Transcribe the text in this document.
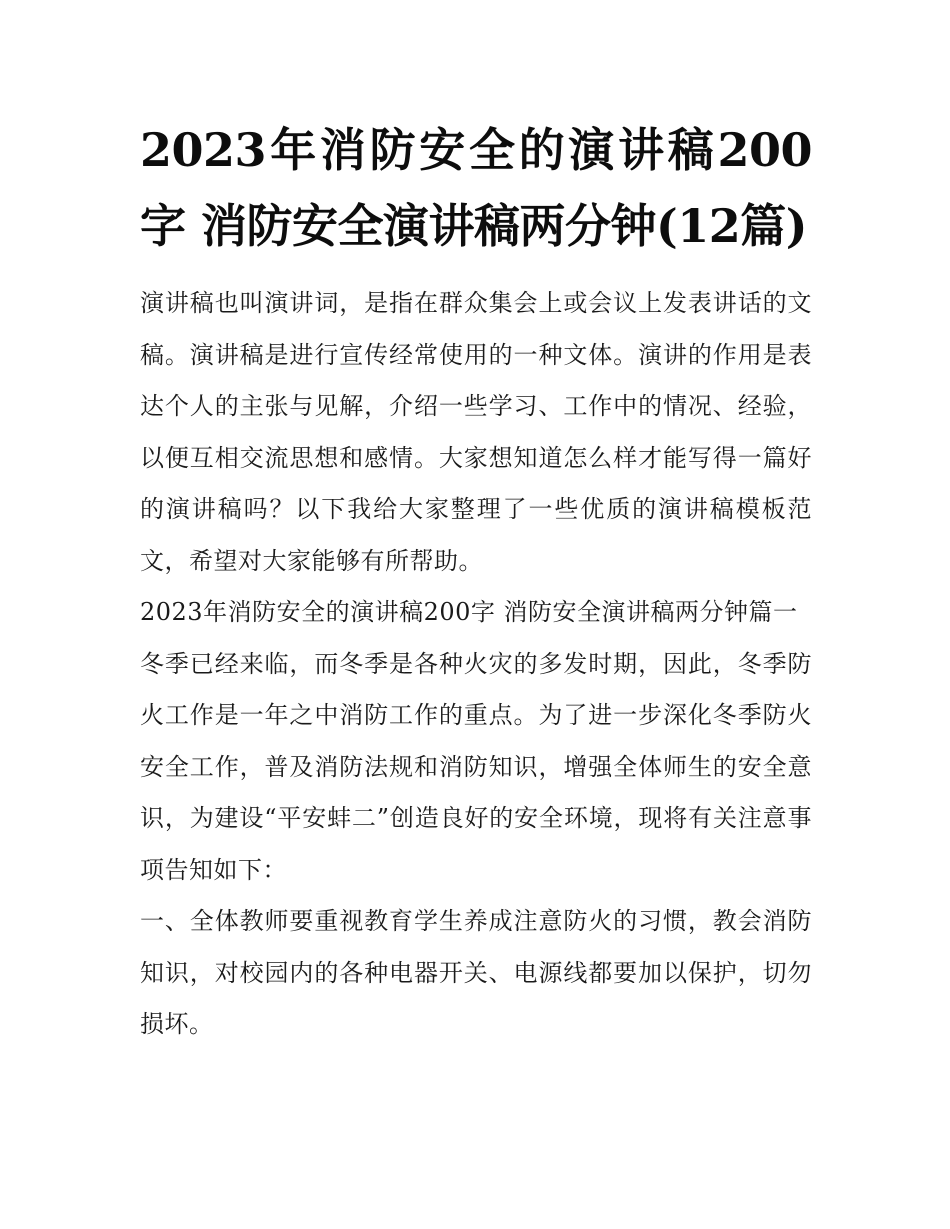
2023年消防安全的演讲稿200字 消防安全演讲稿两分钟(12篇)

演讲稿也叫演讲词，是指在群众集会上或会议上发表讲话的文稿。演讲稿是进行宣传经常使用的一种文体。演讲的作用是表达个人的主张与见解，介绍一些学习、工作中的情况、经验，以便互相交流思想和感情。大家想知道怎么样才能写得一篇好的演讲稿吗？以下我给大家整理了一些优质的演讲稿模板范文，希望对大家能够有所帮助。

2023年消防安全的演讲稿200字 消防安全演讲稿两分钟篇一

冬季已经来临，而冬季是各种火灾的多发时期，因此，冬季防火工作是一年之中消防工作的重点。为了进一步深化冬季防火安全工作，普及消防法规和消防知识，增强全体师生的安全意识，为建设“平安蚌二”创造良好的安全环境，现将有关注意事项告知如下：

一、全体教师要重视教育学生养成注意防火的习惯，教会消防知识，对校园内的各种电器开关、电源线都要加以保护，切勿损坏。
